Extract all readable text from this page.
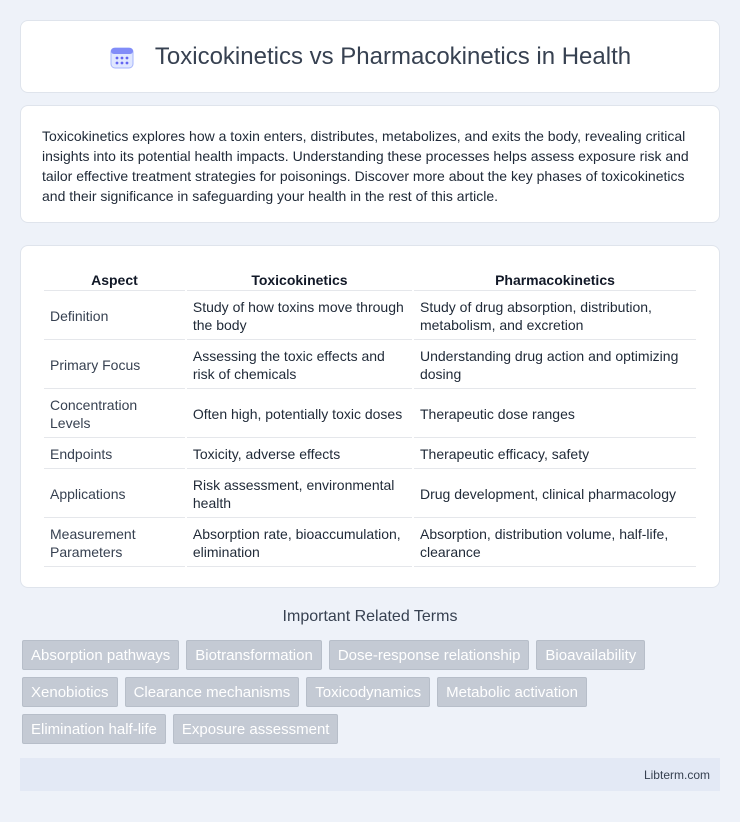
Toxicokinetics vs Pharmacokinetics in Health

Toxicokinetics explores how a toxin enters, distributes, metabolizes, and exits the body, revealing critical insights into its potential health impacts. Understanding these processes helps assess exposure risk and tailor effective treatment strategies for poisonings. Discover more about the key phases of toxicokinetics and their significance in safeguarding your health in the rest of this article.

Aspect	Toxicokinetics	Pharmacokinetics
Definition	Study of how toxins move through the body	Study of drug absorption, distribution, metabolism, and excretion
Primary Focus	Assessing the toxic effects and risk of chemicals	Understanding drug action and optimizing dosing
Concentration Levels	Often high, potentially toxic doses	Therapeutic dose ranges
Endpoints	Toxicity, adverse effects	Therapeutic efficacy, safety
Applications	Risk assessment, environmental health	Drug development, clinical pharmacology
Measurement Parameters	Absorption rate, bioaccumulation, elimination	Absorption, distribution volume, half-life, clearance
Important Related Terms
Absorption pathways	Biotransformation	Dose-response relationship	Bioavailability
Xenobiotics	Clearance mechanisms	Toxicodynamics	Metabolic activation
Elimination half-life	Exposure assessment
Libterm.com
